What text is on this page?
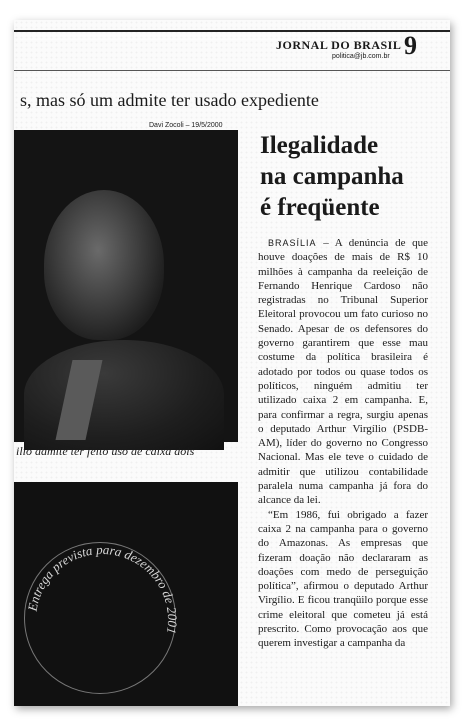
JORNAL DO BRASIL
politica@jb.com.br 9
s, mas só um admite ter usado expediente
Davi Zocoli – 19/5/2000
ilio admite ter feito uso de caixa dois
Entrega prevista para dezembro de 2001
Ilegalidade
na campanha
é freqüente

BRASÍLIA – A denúncia de que houve doações de mais de R$ 10 milhões à campanha da reeleição de Fernando Henrique Cardoso não registradas no Tribunal Superior Eleitoral provocou um fato curioso no Senado. Apesar de os defensores do governo garantirem que esse mau costume da política brasileira é adotado por todos ou quase todos os políticos, ninguém admitiu ter utilizado caixa 2 em campanha. E, para confirmar a regra, surgiu apenas o deputado Arthur Virgílio (PSDB-AM), líder do governo no Congresso Nacional. Mas ele teve o cuidado de admitir que utilizou contabilidade paralela numa campanha já fora do alcance da lei.

“Em 1986, fui obrigado a fazer caixa 2 na campanha para o governo do Amazonas. As empresas que fizeram doação não declararam as doações com medo de perseguição política”, afirmou o deputado Arthur Virgílio. E ficou tranqüilo porque esse crime eleitoral que cometeu já está prescrito. Como provocação aos que querem investigar a campanha da
